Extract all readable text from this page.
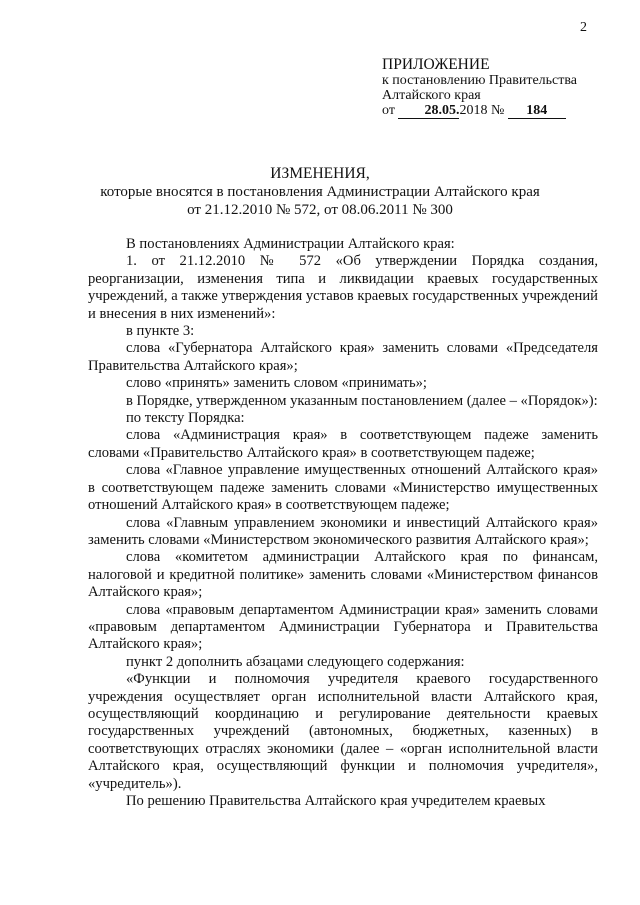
2
ПРИЛОЖЕНИЕ
к постановлению Правительства
Алтайского края
от 28.05.2018 № 184
ИЗМЕНЕНИЯ,
которые вносятся в постановления Администрации Алтайского края
от 21.12.2010 № 572, от 08.06.2011 № 300

В постановлениях Администрации Алтайского края:

1. от 21.12.2010 № 572 «Об утверждении Порядка создания, реорганизации, изменения типа и ликвидации краевых государственных учреждений, а также утверждения уставов краевых государственных учреждений и внесения в них изменений»:

в пункте 3:

слова «Губернатора Алтайского края» заменить словами «Председателя Правительства Алтайского края»;

слово «принять» заменить словом «принимать»;

в Порядке, утвержденном указанным постановлением (далее – «Порядок»):

по тексту Порядка:

слова «Администрация края» в соответствующем падеже заменить словами «Правительство Алтайского края» в соответствующем падеже;

слова «Главное управление имущественных отношений Алтайского края» в соответствующем падеже заменить словами «Министерство имущественных отношений Алтайского края» в соответствующем падеже;

слова «Главным управлением экономики и инвестиций Алтайского края» заменить словами «Министерством экономического развития Алтайского края»;

слова «комитетом администрации Алтайского края по финансам, налоговой и кредитной политике» заменить словами «Министерством финансов Алтайского края»;

слова «правовым департаментом Администрации края» заменить словами «правовым департаментом Администрации Губернатора и Правительства Алтайского края»;

пункт 2 дополнить абзацами следующего содержания:

«Функции и полномочия учредителя краевого государственного учреждения осуществляет орган исполнительной власти Алтайского края, осуществляющий координацию и регулирование деятельности краевых государственных учреждений (автономных, бюджетных, казенных) в соответствующих отраслях экономики (далее – «орган исполнительной власти Алтайского края, осуществляющий функции и полномочия учредителя», «учредитель»).

По решению Правительства Алтайского края учредителем краевых
